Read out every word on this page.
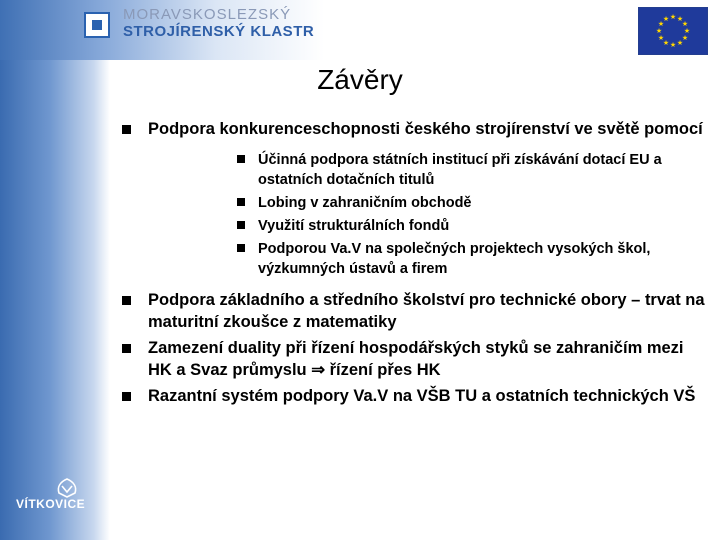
MORAVSKOSLEZSKÝ
STROJÍRENSKÝ KLASTR
★ ★
★
★
★
★
★
★
★
★
★
★
Závěry
Podpora konkurenceschopnosti českého strojírenství ve světě pomocí
Účinná podpora státních institucí při získávání dotací EU a ostatních dotačních titulů
Lobing v zahraničním obchodě
Využití strukturálních fondů
Podporou Va.V na společných projektech vysokých škol, výzkumných ústavů a firem
Podpora základního a středního školství pro technické obory – trvat na maturitní zkoušce z matematiky
Zamezení duality při řízení hospodářských styků se zahraničím mezi HK a Svaz průmyslu ⇒ řízení přes HK
Razantní systém podpory Va.V na VŠB TU a ostatních technických VŠ
VÍTKOVICE
